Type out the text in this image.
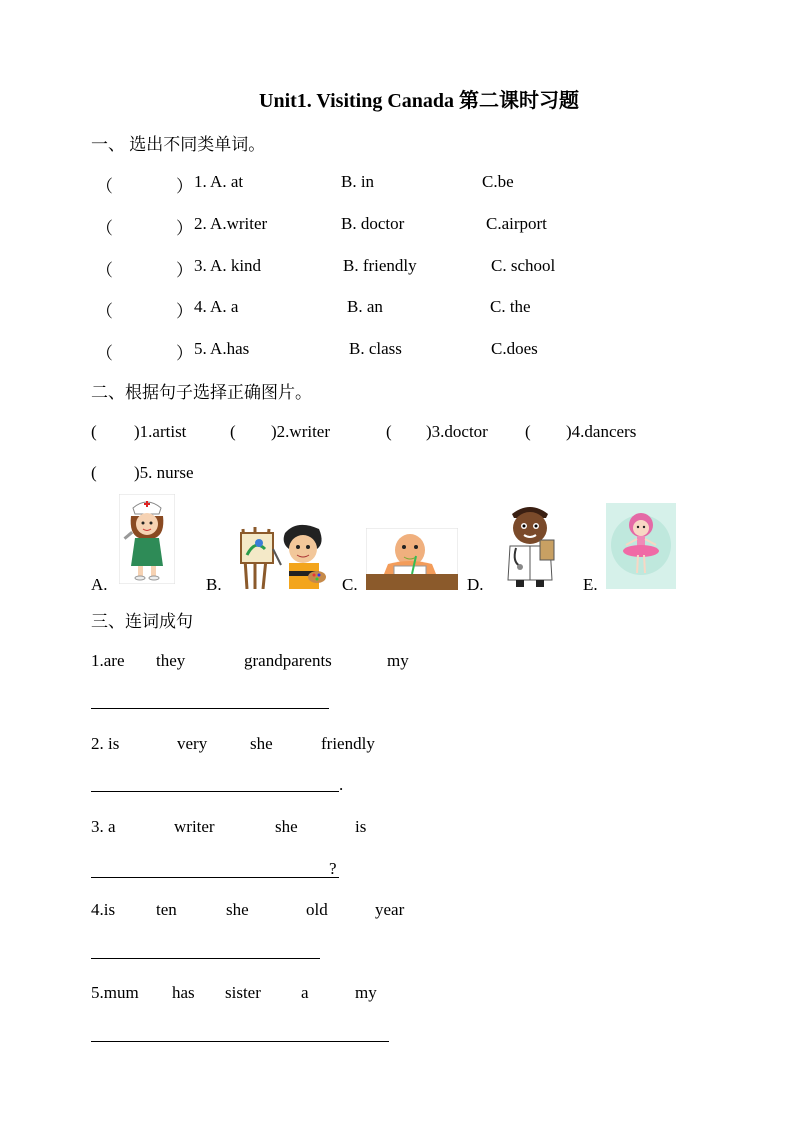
Unit1. Visiting Canada 第二课时习题
一、 选出不同类单词。
（	） 1. A. at	B. in	C.be
（	） 2. A.writer	B. doctor	C.airport
（	） 3. A. kind	B. friendly	C. school
（	） 4. A. a	B. an	C. the
（	） 5. A.has	B. class	C.does
二、根据句子选择正确图片。
( )1.artist	( )2.writer	( )3.doctor ( )4.dancers
( )5. nurse
A.	B.	C.	D.	E.
三、连词成句
1.are they	grandparents	my
2. is	very	she	friendly
.
3. a	writer	she	is
?
4.is ten	she	old	year
5.mum has sister a	my
